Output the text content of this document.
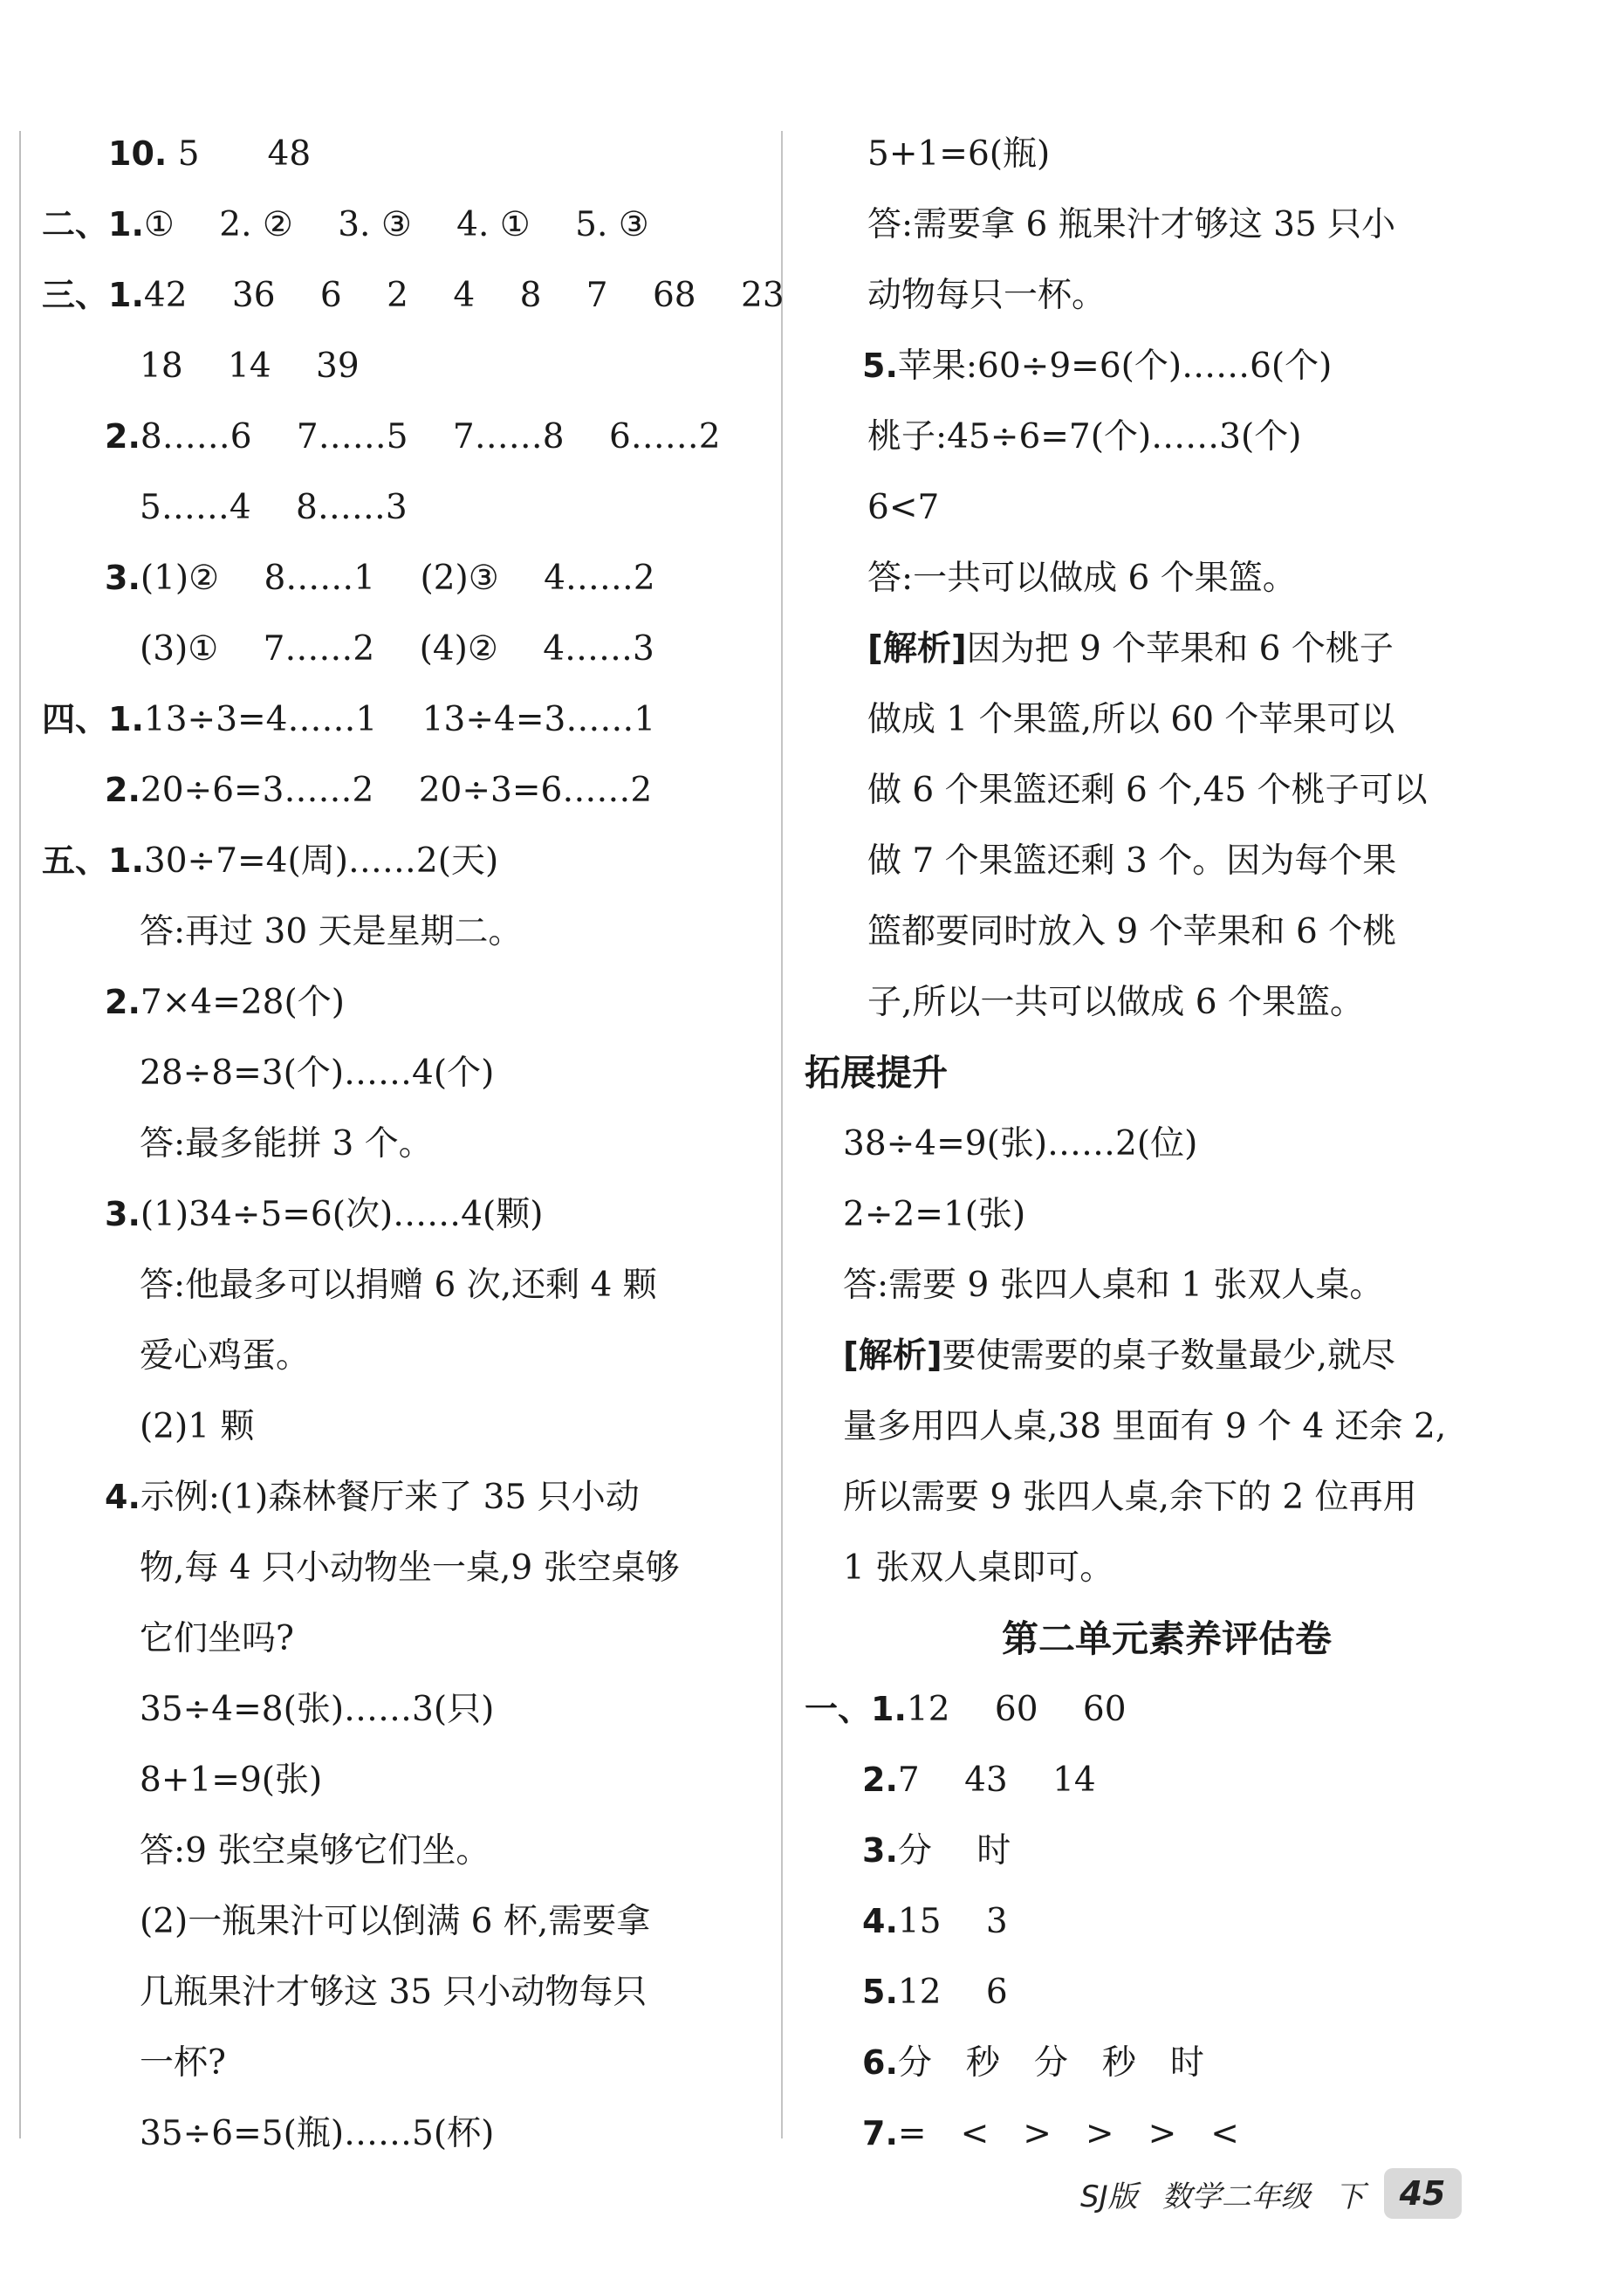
10. 5　 48
二、1.①　 2. ②　 3. ③　 4. ①　 5. ③
三、1.42  36  6  2  4  8  7  68  23
18  14  39
2.8……6  7……5  7……8  6……2
5……4  8……3
3.(1)②  8……1  (2)③  4……2
(3)①  7……2  (4)②  4……3
四、1.13÷3=4……1  13÷4=3……1
2.20÷6=3……2  20÷3=6……2
五、1.30÷7=4(周)……2(天)
答:再过 30 天是星期二。
2.7×4=28(个)
28÷8=3(个)……4(个)
答:最多能拼 3 个。
3.(1)34÷5=6(次)……4(颗)
答:他最多可以捐赠 6 次,还剩 4 颗
爱心鸡蛋。
(2)1 颗
4.示例:(1)森林餐厅来了 35 只小动
物,每 4 只小动物坐一桌,9 张空桌够
它们坐吗?
35÷4=8(张)……3(只)
8+1=9(张)
答:9 张空桌够它们坐。
(2)一瓶果汁可以倒满 6 杯,需要拿
几瓶果汁才够这 35 只小动物每只
一杯?
35÷6=5(瓶)……5(杯)
5+1=6(瓶)
答:需要拿 6 瓶果汁才够这 35 只小
动物每只一杯。
5.苹果:60÷9=6(个)……6(个)
桃子:45÷6=7(个)……3(个)
6<7
答:一共可以做成 6 个果篮。
[解析]因为把 9 个苹果和 6 个桃子
做成 1 个果篮,所以 60 个苹果可以
做 6 个果篮还剩 6 个,45 个桃子可以
做 7 个果篮还剩 3 个。因为每个果
篮都要同时放入 9 个苹果和 6 个桃
子,所以一共可以做成 6 个果篮。
拓展提升
38÷4=9(张)……2(位)
2÷2=1(张)
答:需要 9 张四人桌和 1 张双人桌。
[解析]要使需要的桌子数量最少,就尽
量多用四人桌,38 里面有 9 个 4 还余 2,
所以需要 9 张四人桌,余下的 2 位再用
1 张双人桌即可。
第二单元素养评估卷
一、1.12  60  60
2.7  43  14
3.分　 时
4.15  3
5.12  6
6.分　秒　分　秒　时
7.=　<　>　>　>　<
SJ版 数学二年级 下	45
